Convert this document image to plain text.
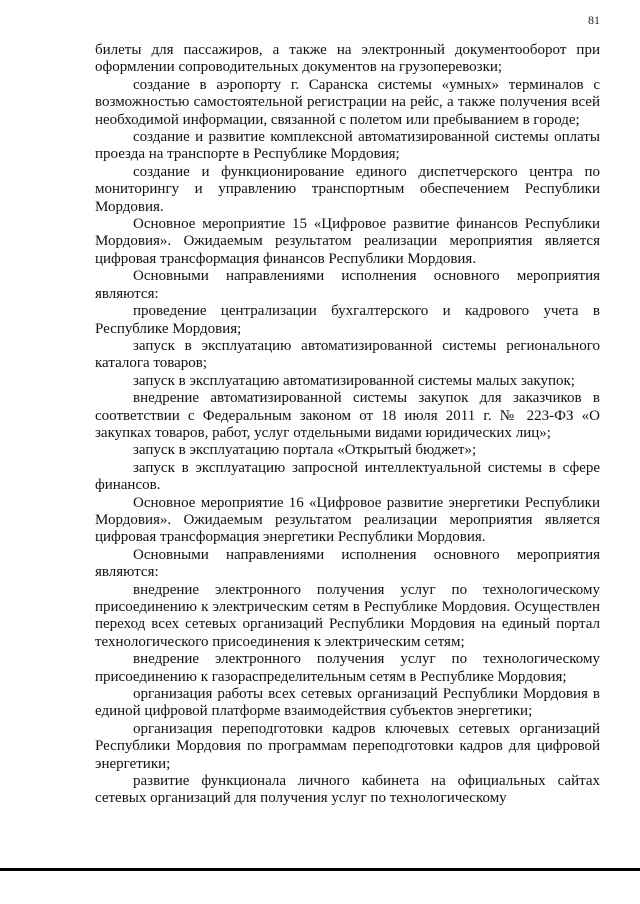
81

билеты для пассажиров, а также на электронный документооборот при оформлении сопроводительных документов на грузоперевозки;

создание в аэропорту г. Саранска системы «умных» терминалов с возможностью самостоятельной регистрации на рейс, а также получения всей необходимой информации, связанной с полетом или пребыванием в городе;

создание и развитие комплексной автоматизированной системы оплаты проезда на транспорте в Республике Мордовия;

создание и функционирование единого диспетчерского центра по мониторингу и управлению транспортным обеспечением Республики Мордовия.

Основное мероприятие 15 «Цифровое развитие финансов Республики Мордовия». Ожидаемым результатом реализации мероприятия является цифровая трансформация финансов Республики Мордовия.

Основными направлениями исполнения основного мероприятия являются:

проведение централизации бухгалтерского и кадрового учета в Республике Мордовия;

запуск в эксплуатацию автоматизированной системы регионального каталога товаров;

запуск в эксплуатацию автоматизированной системы малых закупок;

внедрение автоматизированной системы закупок для заказчиков в соответствии с Федеральным законом от 18 июля 2011 г. № 223-ФЗ «О закупках товаров, работ, услуг отдельными видами юридических лиц»;

запуск в эксплуатацию портала «Открытый бюджет»;

запуск в эксплуатацию запросной интеллектуальной системы в сфере финансов.

Основное мероприятие 16 «Цифровое развитие энергетики Республики Мордовия». Ожидаемым результатом реализации мероприятия является цифровая трансформация энергетики Республики Мордовия.

Основными направлениями исполнения основного мероприятия являются:

внедрение электронного получения услуг по технологическому присоединению к электрическим сетям в Республике Мордовия. Осуществлен переход всех сетевых организаций Республики Мордовия на единый портал технологического присоединения к электрическим сетям;

внедрение электронного получения услуг по технологическому присоединению к газораспределительным сетям в Республике Мордовия;

организация работы всех сетевых организаций Республики Мордовия в единой цифровой платформе взаимодействия субъектов энергетики;

организация переподготовки кадров ключевых сетевых организаций Республики Мордовия по программам переподготовки кадров для цифровой энергетики;

развитие функционала личного кабинета на официальных сайтах сетевых организаций для получения услуг по технологическому
